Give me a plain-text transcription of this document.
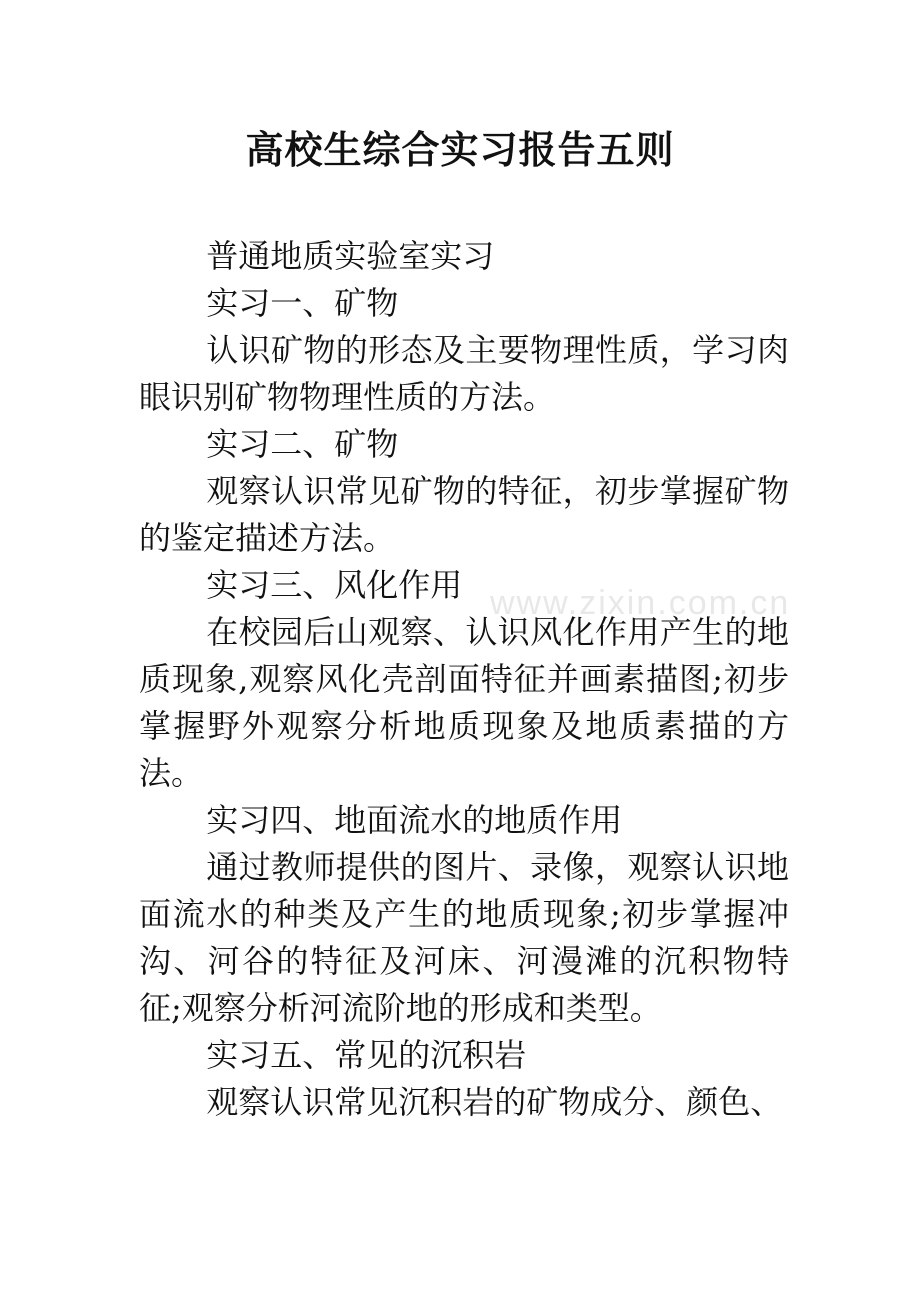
高校生综合实习报告五则

普通地质实验室实习

实习一、矿物

认识矿物的形态及主要物理性质，学习肉眼识别矿物物理性质的方法。

实习二、矿物

观察认识常见矿物的特征，初步掌握矿物的鉴定描述方法。

实习三、风化作用

在校园后山观察、认识风化作用产生的地质现象,观察风化壳剖面特征并画素描图;初步掌握野外观察分析地质现象及地质素描的方法。

实习四、地面流水的地质作用

通过教师提供的图片、录像，观察认识地面流水的种类及产生的地质现象;初步掌握冲沟、河谷的特征及河床、河漫滩的沉积物特征;观察分析河流阶地的形成和类型。

实习五、常见的沉积岩

观察认识常见沉积岩的矿物成分、颜色、

www.zixin.com.cn
